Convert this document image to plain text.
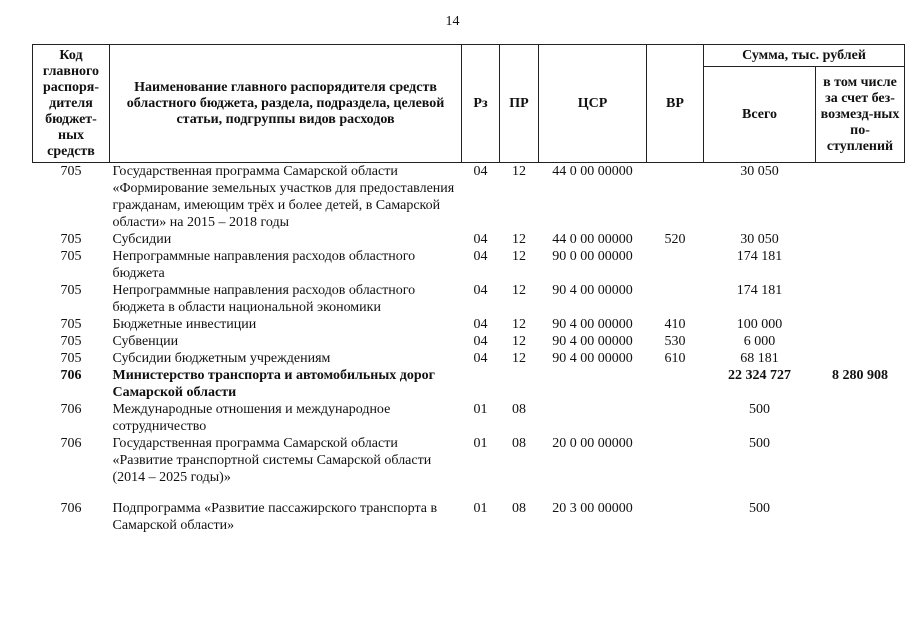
14
Код главного распоря-дителя бюджет-ных средств	Наименование главного распорядителя средств областного бюджета, раздела, подраздела, целевой статьи, подгруппы видов расходов	Рз	ПР	ЦСР	ВР	Сумма, тыс. рублей	
						Всего	в том числе за счет без-возмезд-ных по-ступлений
705	Государственная программа Самарской области «Формирование земельных участков для предоставления гражданам, имеющим трёх и более детей, в Самарской области» на 2015 – 2018 годы	04	12	44 0 00 00000		30 050	
705	Субсидии	04	12	44 0 00 00000	520	30 050	
705	Непрограммные направления расходов областного бюджета	04	12	90 0 00 00000		174 181	
705	Непрограммные направления расходов областного бюджета в области национальной экономики	04	12	90 4 00 00000		174 181	
705	Бюджетные инвестиции	04	12	90 4 00 00000	410	100 000	
705	Субвенции	04	12	90 4 00 00000	530	6 000	
705	Субсидии бюджетным учреждениям	04	12	90 4 00 00000	610	68 181	
706	Министерство транспорта и автомобильных дорог Самарской области					22 324 727	8 280 908
706	Международные отношения и международное сотрудничество	01	08			500	
706	Государственная программа Самарской области «Развитие транспортной системы Самарской области (2014 – 2025 годы)»	01	08	20 0 00 00000		500	
706	Подпрограмма «Развитие пассажирского транспорта в Самарской области»	01	08	20 3 00 00000		500	
